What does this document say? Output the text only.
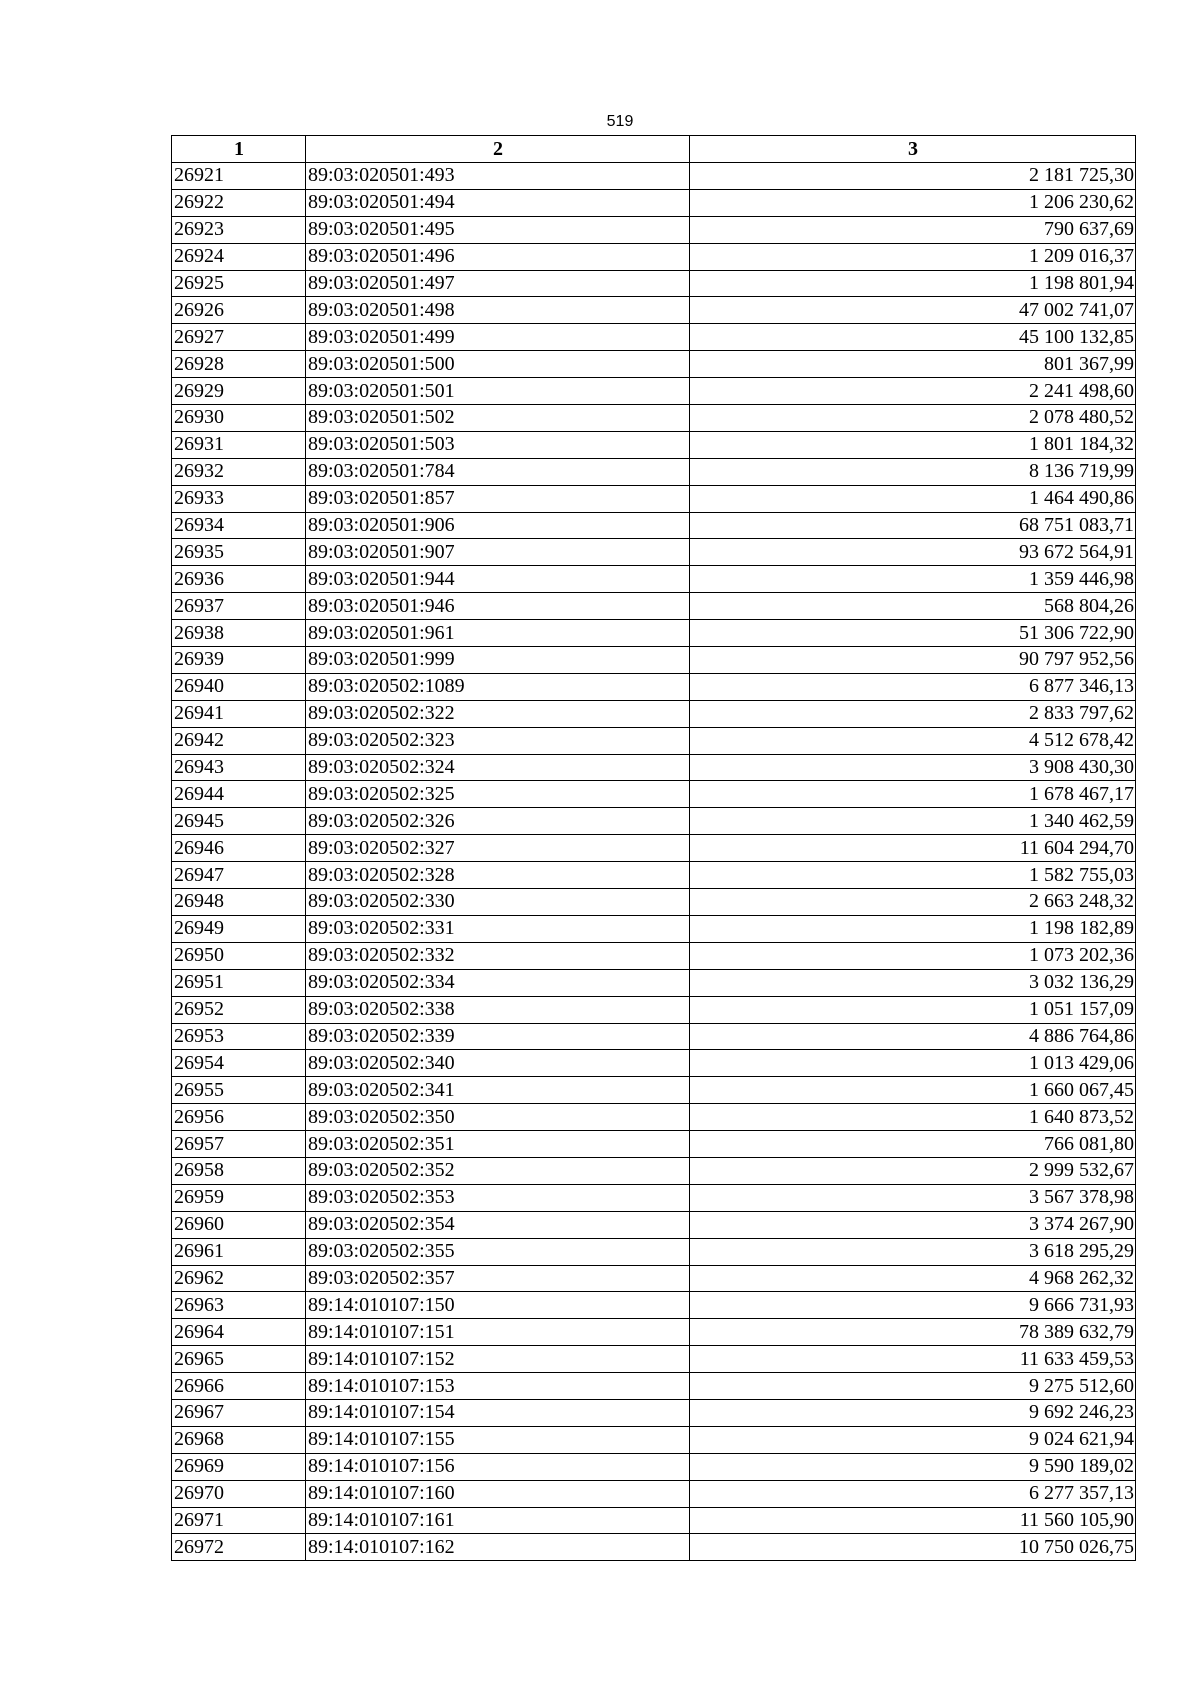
519
1	2	3
26921	89:03:020501:493	2 181 725,30
26922	89:03:020501:494	1 206 230,62
26923	89:03:020501:495	790 637,69
26924	89:03:020501:496	1 209 016,37
26925	89:03:020501:497	1 198 801,94
26926	89:03:020501:498	47 002 741,07
26927	89:03:020501:499	45 100 132,85
26928	89:03:020501:500	801 367,99
26929	89:03:020501:501	2 241 498,60
26930	89:03:020501:502	2 078 480,52
26931	89:03:020501:503	1 801 184,32
26932	89:03:020501:784	8 136 719,99
26933	89:03:020501:857	1 464 490,86
26934	89:03:020501:906	68 751 083,71
26935	89:03:020501:907	93 672 564,91
26936	89:03:020501:944	1 359 446,98
26937	89:03:020501:946	568 804,26
26938	89:03:020501:961	51 306 722,90
26939	89:03:020501:999	90 797 952,56
26940	89:03:020502:1089	6 877 346,13
26941	89:03:020502:322	2 833 797,62
26942	89:03:020502:323	4 512 678,42
26943	89:03:020502:324	3 908 430,30
26944	89:03:020502:325	1 678 467,17
26945	89:03:020502:326	1 340 462,59
26946	89:03:020502:327	11 604 294,70
26947	89:03:020502:328	1 582 755,03
26948	89:03:020502:330	2 663 248,32
26949	89:03:020502:331	1 198 182,89
26950	89:03:020502:332	1 073 202,36
26951	89:03:020502:334	3 032 136,29
26952	89:03:020502:338	1 051 157,09
26953	89:03:020502:339	4 886 764,86
26954	89:03:020502:340	1 013 429,06
26955	89:03:020502:341	1 660 067,45
26956	89:03:020502:350	1 640 873,52
26957	89:03:020502:351	766 081,80
26958	89:03:020502:352	2 999 532,67
26959	89:03:020502:353	3 567 378,98
26960	89:03:020502:354	3 374 267,90
26961	89:03:020502:355	3 618 295,29
26962	89:03:020502:357	4 968 262,32
26963	89:14:010107:150	9 666 731,93
26964	89:14:010107:151	78 389 632,79
26965	89:14:010107:152	11 633 459,53
26966	89:14:010107:153	9 275 512,60
26967	89:14:010107:154	9 692 246,23
26968	89:14:010107:155	9 024 621,94
26969	89:14:010107:156	9 590 189,02
26970	89:14:010107:160	6 277 357,13
26971	89:14:010107:161	11 560 105,90
26972	89:14:010107:162	10 750 026,75
